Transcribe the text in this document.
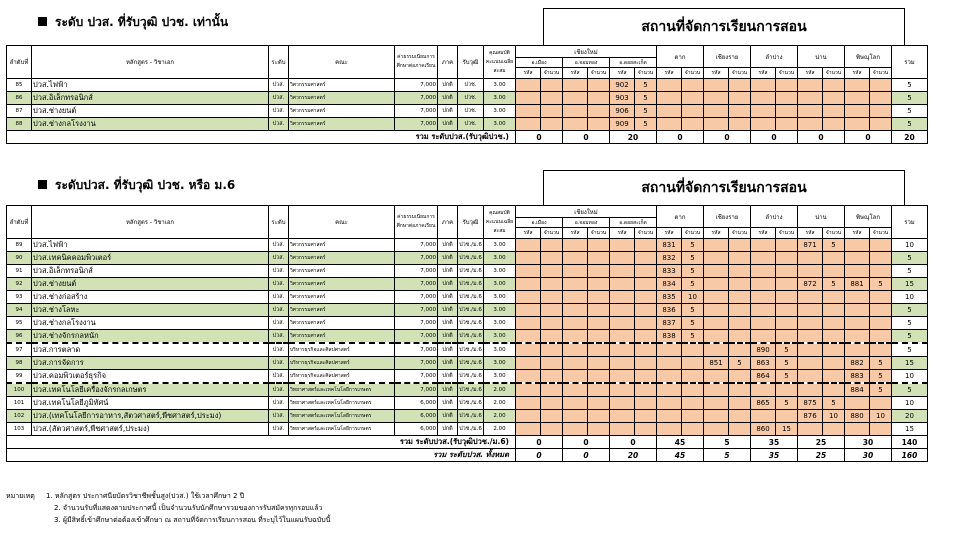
ระดับ ปวส. ที่รับวุฒิ ปวช. เท่านั้น	สถานที่จัดการเรียนการสอน
ลำดับที่	หลักสูตร - วิชาเอก	ระดับ	คณะ	ค่าธรรมเนียมการศึกษาต่อภาคเรียน	ภาค	รับวุฒิ	คุณสมบัติคะแนนเฉลี่ยสะสม	เชียงใหม่						ตาก		เชียงราย		ลำปาง		น่าน		พิษณุโลก		รวม
								อ.เมือง		อ.จอมทอง		อ.ดอยสะเก็ด												
								รหัส	จำนวน	รหัส	จำนวน	รหัส	จำนวน	รหัส	จำนวน	รหัส	จำนวน	รหัส	จำนวน	รหัส	จำนวน	รหัส	จำนวน	
85	ปวส.ไฟฟ้า	ปวส.	วิศวกรรมศาสตร์	7,000	ปกติ	ปวช.	3.00					902	5											5
86	ปวส.อิเล็กทรอนิกส์	ปวส.	วิศวกรรมศาสตร์	7,000	ปกติ	ปวช.	3.00					903	5											5
87	ปวส.ช่างยนต์	ปวส.	วิศวกรรมศาสตร์	7,000	ปกติ	ปวช.	3.00					906	5											5
88	ปวส.ช่างกลโรงงาน	ปวส.	วิศวกรรมศาสตร์	7,000	ปกติ	ปวช.	3.00					909	5											5
รวม ระดับปวส.(รับวุฒิปวช.)								0		0		20		0		0		0		0		0		20
ระดับปวส. ที่รับวุฒิ ปวช. หรือ ม.6	สถานที่จัดการเรียนการสอน
ลำดับที่	หลักสูตร - วิชาเอก	ระดับ	คณะ	ค่าธรรมเนียมการศึกษาต่อภาคเรียน	ภาค	รับวุฒิ	คุณสมบัติคะแนนเฉลี่ยสะสม	เชียงใหม่						ตาก		เชียงราย		ลำปาง		น่าน		พิษณุโลก		รวม
								อ.เมือง		อ.จอมทอง		อ.ดอยสะเก็ด												
								รหัส	จำนวน	รหัส	จำนวน	รหัส	จำนวน	รหัส	จำนวน	รหัส	จำนวน	รหัส	จำนวน	รหัส	จำนวน	รหัส	จำนวน	
89	ปวส.ไฟฟ้า	ปวส.	วิศวกรรมศาสตร์	7,000	ปกติ	ปวช./ม.6	3.00							831	5					871	5			10
90	ปวส.เทคนิคคอมพิวเตอร์	ปวส.	วิศวกรรมศาสตร์	7,000	ปกติ	ปวช./ม.6	3.00							832	5									5
91	ปวส.อิเล็กทรอนิกส์	ปวส.	วิศวกรรมศาสตร์	7,000	ปกติ	ปวช./ม.6	3.00							833	5									5
92	ปวส.ช่างยนต์	ปวส.	วิศวกรรมศาสตร์	7,000	ปกติ	ปวช./ม.6	3.00							834	5					872	5	881	5	15
93	ปวส.ช่างก่อสร้าง	ปวส.	วิศวกรรมศาสตร์	7,000	ปกติ	ปวช./ม.6	3.00							835	10									10
94	ปวส.ช่างโลหะ	ปวส.	วิศวกรรมศาสตร์	7,000	ปกติ	ปวช./ม.6	3.00							836	5									5
95	ปวส.ช่างกลโรงงาน	ปวส.	วิศวกรรมศาสตร์	7,000	ปกติ	ปวช./ม.6	3.00							837	5									5
96	ปวส.ช่างจักรกลหนัก	ปวส.	วิศวกรรมศาสตร์	7,000	ปกติ	ปวช./ม.6	3.00							838	5									5
97	ปวส.การตลาด	ปวส.	บริหารธุรกิจและศิลปศาสตร์	7,000	ปกติ	ปวช./ม.6	3.00											890	5					5
98	ปวส.การจัดการ	ปวส.	บริหารธุรกิจและศิลปศาสตร์	7,000	ปกติ	ปวช./ม.6	3.00									851	5	863	5			882	5	15
99	ปวส.คอมพิวเตอร์ธุรกิจ	ปวส.	บริหารธุรกิจและศิลปศาสตร์	7,000	ปกติ	ปวช./ม.6	3.00											864	5			883	5	10
100	ปวส.เทคโนโลยีเครื่องจักรกลเกษตร	ปวส.	วิทยาศาสตร์และเทคโนโลยีการเกษตร	7,000	ปกติ	ปวช./ม.6	2.00															884	5	5
101	ปวส.เทคโนโลยีภูมิทัศน์	ปวส.	วิทยาศาสตร์และเทคโนโลยีการเกษตร	6,000	ปกติ	ปวช./ม.6	2.00											865	5	875	5			10
102	ปวส.(เทคโนโลยีการอาหาร,สัตวศาสตร์,พืชศาสตร์,ประมง)	ปวส.	วิทยาศาสตร์และเทคโนโลยีการเกษตร	6,000	ปกติ	ปวช./ม.6	2.00													876	10	880	10	20
103	ปวส.(สัตวศาสตร์,พืชศาสตร์,ประมง)	ปวส.	วิทยาศาสตร์และเทคโนโลยีการเกษตร	6,000	ปกติ	ปวช./ม.6	2.00											860	15					15
รวม ระดับปวส.(รับวุฒิปวช./ม.6)								0		0		0		45		5		35		25		30		140
รวม ระดับปวส. ทั้งหมด								0		0		20		45		5		35		25		30		160
หมายเหตุ 1. หลักสูตร ประกาศนียบัตรวิชาชีพชั้นสูง(ปวส.) ใช้เวลาศึกษา 2 ปี
2. จำนวนรับที่แสดงตามประกาศนี้ เป็นจำนวนรับนักศึกษารวมของการรับสมัครทุกรอบแล้ว
3. ผู้มีสิทธิ์เข้าศึกษาต่อต้องเข้าศึกษา ณ สถานที่จัดการเรียนการสอน ที่ระบุไว้ในแผนรับฉบับนี้
